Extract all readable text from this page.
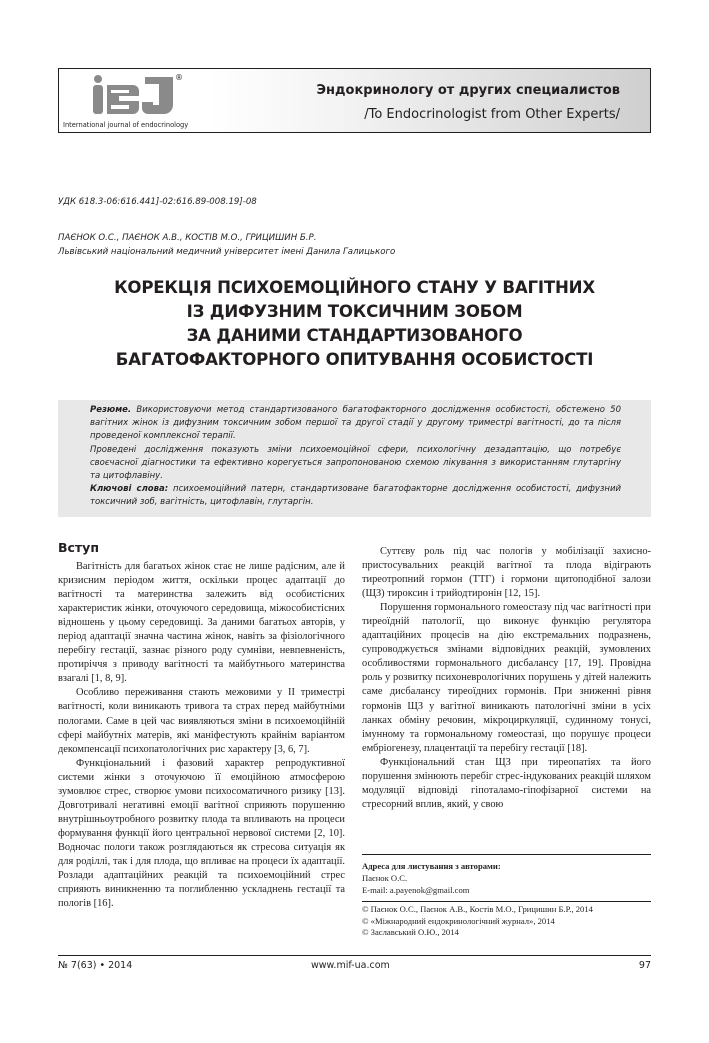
®
International journal of endocrinology
Эндокринологу от других специалистов
/To Endocrinologist from Other Experts/
УДК 618.3-06:616.441]-02:616.89-008.19]-08
ПАЄНОК О.С., ПАЄНОК А.В., КОСТІВ М.О., ГРИЦИШИН Б.Р.
Львівський національний медичний університет імені Данила Галицького
КОРЕКЦІЯ ПСИХОЕМОЦІЙНОГО СТАНУ У ВАГІТНИХ
ІЗ ДИФУЗНИМ ТОКСИЧНИМ ЗОБОМ
ЗА ДАНИМИ СТАНДАРТИЗОВАНОГО
БАГАТОФАКТОРНОГО ОПИТУВАННЯ ОСОБИСТОСТІ

Резюме. Використовуючи метод стандартизованого багатофакторного дослідження особистості, обстежено 50 вагітних жінок із дифузним токсичним зобом першої та другої стадії у другому триместрі вагітності, до та після проведеної комплексної терапії.

Проведені дослідження показують зміни психоемоційної сфери, психологічну дезадаптацію, що потребує своєчасної діагностики та ефективно корегується запропонованою схемою лікування з використанням глутаргіну та цитофлавіну.

Ключові слова: психоемоційний патерн, стандартизоване багатофакторне дослідження особистості, дифузний токсичний зоб, вагітність, цитофлавін, глутаргін.

Вступ

Вагітність для багатьох жінок стає не лише радісним, але й кризисним періодом життя, оскільки процес адаптації до вагітності та материнства залежить від особистісних характеристик жінки, оточуючого середовища, міжособистісних відношень у цьому середовищі. За даними багатьох авторів, у період адаптації значна частина жінок, навіть за фізіологічного перебігу гестації, зазнає різного роду сумніви, невпевненість, протиріччя з приводу вагітності та майбутнього материнства взагалі [1, 8, 9].

Особливо переживання стають межовими у II триместрі вагітності, коли виникають тривога та страх перед майбутніми пологами. Саме в цей час виявляються зміни в психоемоційній сфері майбутніх матерів, які маніфестують крайнім варіантом декомпенсації психопатологічних рис характеру [3, 6, 7].

Функціональний і фазовий характер репродуктивної системи жінки з оточуючою її емоційною атмосферою зумовлює стрес, створює умови психосоматичного ризику [13]. Довготривалі негативні емоції вагітної сприяють порушенню внутрішньоутробного розвитку плода та впливають на процеси формування функції його центральної нервової системи [2, 10]. Водночас пологи також розглядаються як стресова ситуація як для роділлі, так і для плода, що впливає на процеси їх адаптації. Розлади адаптаційних реакцій та психоемоційний стрес сприяють виникненню та поглибленню ускладнень гестації та пологів [16].

Суттєву роль під час пологів у мобілізації захисно-пристосувальних реакцій вагітної та плода відіграють тиреотропний гормон (ТТГ) і гормони щитоподібної залози (ЩЗ) тироксин і трийодтиронін [12, 15].

Порушення гормонального гомеостазу під час вагітності при тиреоїдній патології, що виконує функцію регулятора адаптаційних процесів на дію екстремальних подразнень, супроводжується змінами відповідних реакцій, зумовлених особливостями гормонального дисбалансу [17, 19]. Провідна роль у розвитку психоневрологічних порушень у дітей належить саме дисбалансу тиреоїдних гормонів. При зниженні рівня гормонів ЩЗ у вагітної виникають патологічні зміни в усіх ланках обміну речовин, мікроциркуляції, судинному тонусі, імунному та гормональному гомеостазі, що порушує процеси ембріогенезу, плацентації та перебігу гестації [18].

Функціональний стан ЩЗ при тиреопатіях та його порушення змінюють перебіг стрес-індукованих реакцій шляхом модуляції відповіді гіпоталамо-гіпофізарної системи на стресорний вплив, який, у свою

Адреса для листування з авторами:
Паєнок О.С.
E-mail: a.payenok@gmail.com
© Паєнок О.С., Паєнок А.В., Костів М.О., Грицишин Б.Р., 2014
© «Міжнародний ендокринологічний журнал», 2014
© Заславський О.Ю., 2014
№ 7(63) • 2014	www.mif-ua.com	97
